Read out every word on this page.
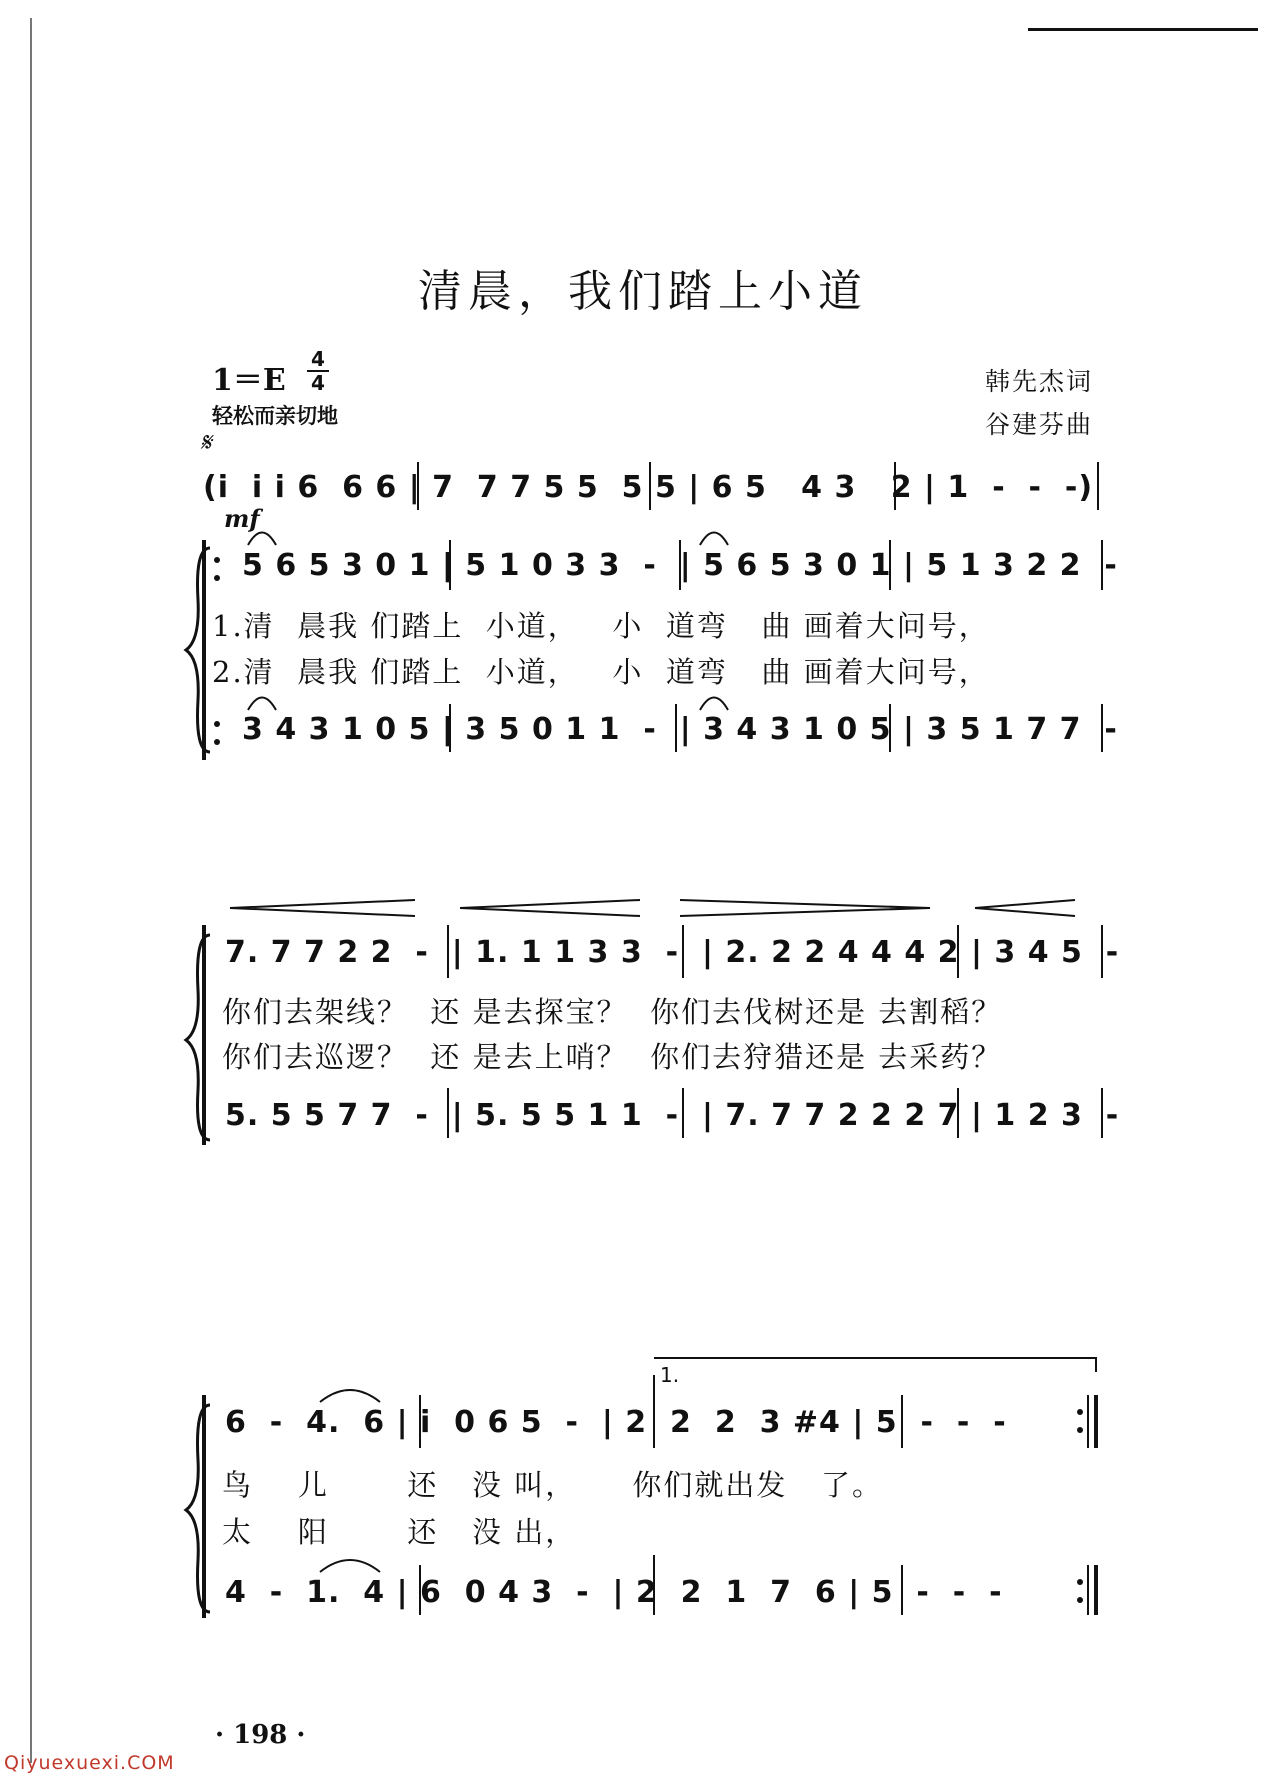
清晨，我们踏上小道
1＝E
4
4
轻松而亲切地
韩先杰词
谷建芬曲
𝄋
(i  i i 6  6 6 | 7  7 7 5 5  5 5 | 6 5   4 3   2 | 1  -  -  -)
mf
5 6 5 3 0 1 | 5 1 0 3 3  -  | 5 6 5 3 0 1 | 5 1 3 2 2  -
1.清  晨我 们踏上  小道，   小  道弯   曲 画着大问号，
2.清  晨我 们踏上  小道，   小  道弯   曲 画着大问号，
3 4 3 1 0 5 | 3 5 0 1 1  -  | 3 4 3 1 0 5 | 3 5 1 7 7  -
7. 7 7 2 2  -  | 1. 1 1 3 3  -  | 2. 2 2 4 4 4 2 | 3 4 5  -
你们去架线？  还 是去探宝？  你们去伐树还是 去割稻？
你们去巡逻？  还 是去上哨？  你们去狩猎还是 去采药？
5. 5 5 7 7  -  | 5. 5 5 1 1  -  | 7. 7 7 2 2 2 7 | 1 2 3  -
1.
6  -  4.  6 | i  0 6 5  -  | 2  2  2  3 #4 | 5  -  -  -
鸟    儿       还   没 叫，     你们就出发   了。
太    阳       还   没 出，
4  -  1.  4 | 6  0 4 3  -  | 2  2  1  7  6 | 5  -  -  -
· 198 ·
Qiyuexuexi.COM
